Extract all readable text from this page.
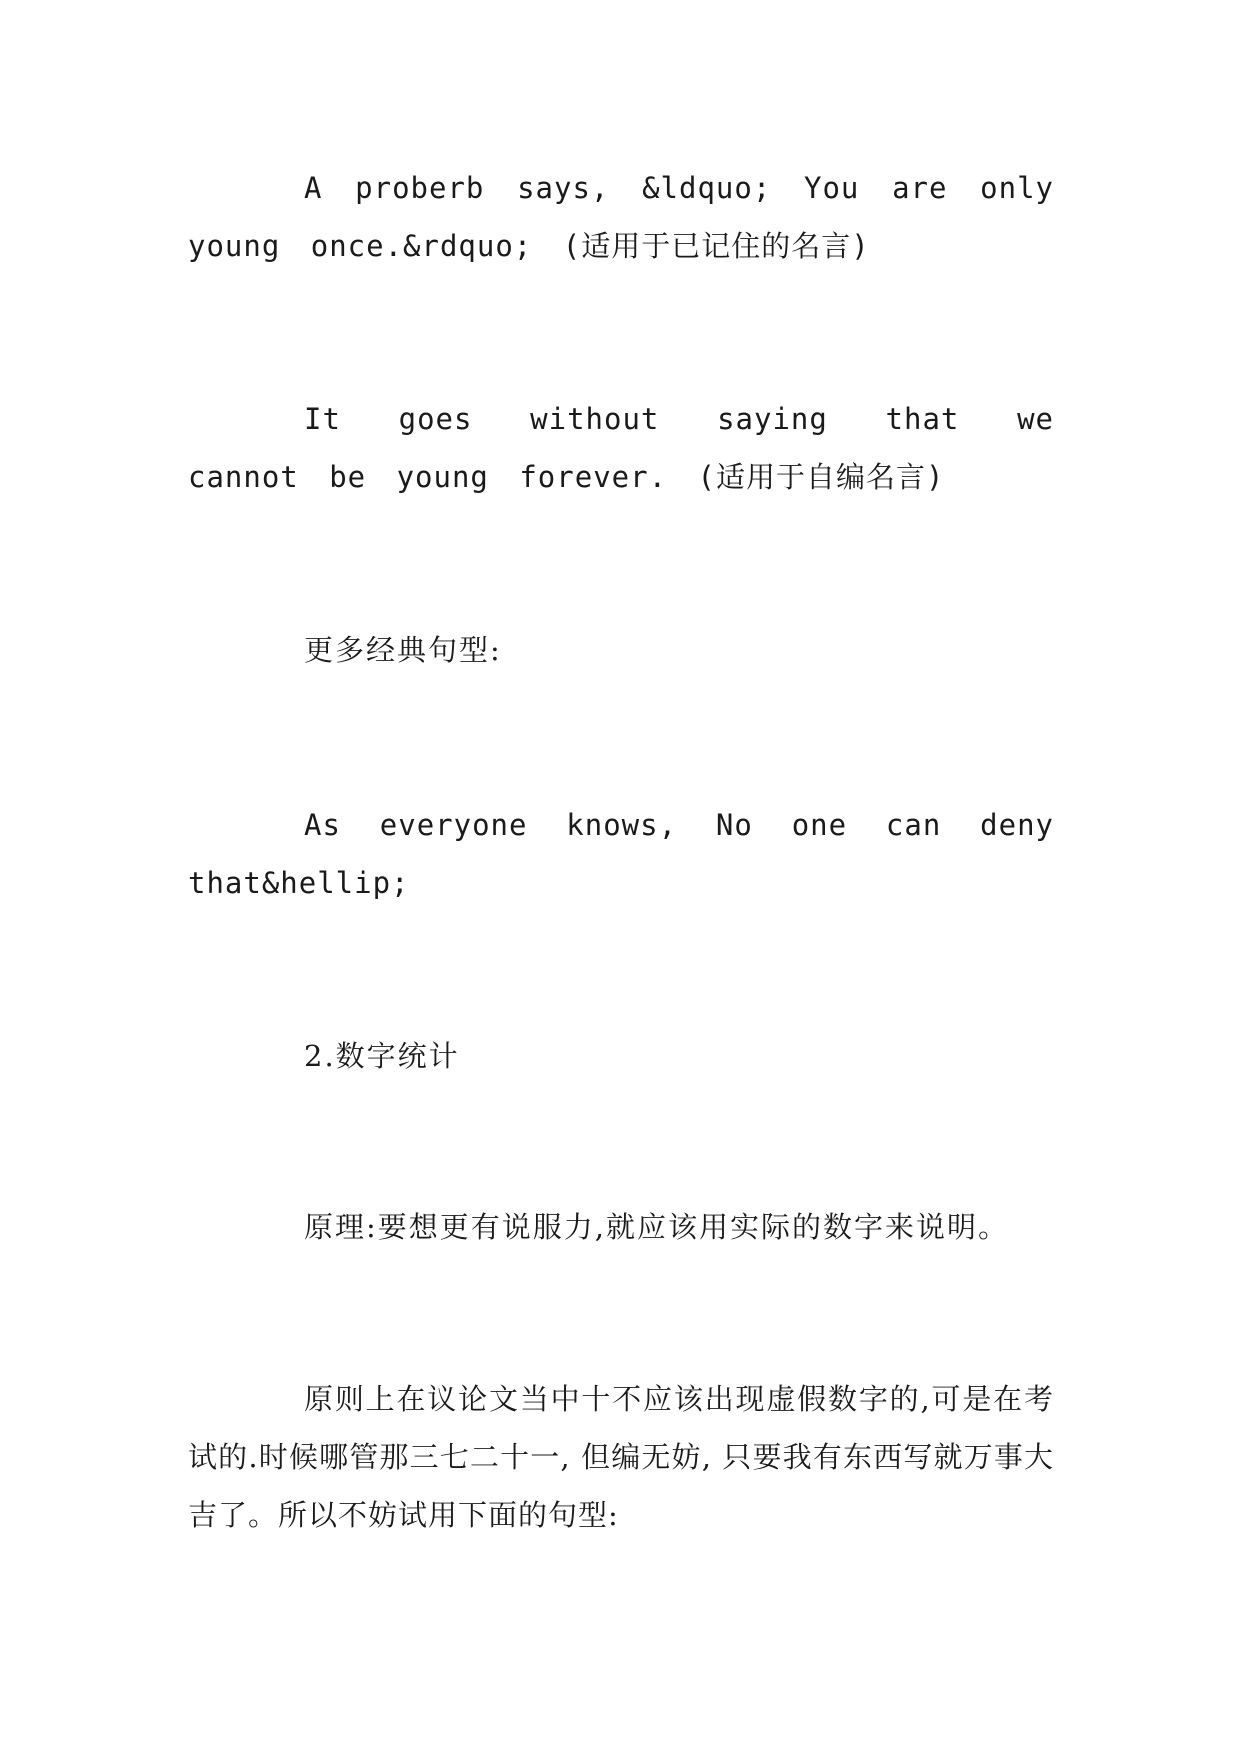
A proberb says, &ldquo; You are only young once.&rdquo; (适用于已记住的名言)

It goes without saying that we cannot be young forever. (适用于自编名言)

更多经典句型:

As everyone knows, No one can deny that&hellip;

2.数字统计

原理:要想更有说服力,就应该用实际的数字来说明。

原则上在议论文当中十不应该出现虚假数字的,可是在考试的.时候哪管那三七二十一, 但编无妨, 只要我有东西写就万事大吉了。所以不妨试用下面的句型:
